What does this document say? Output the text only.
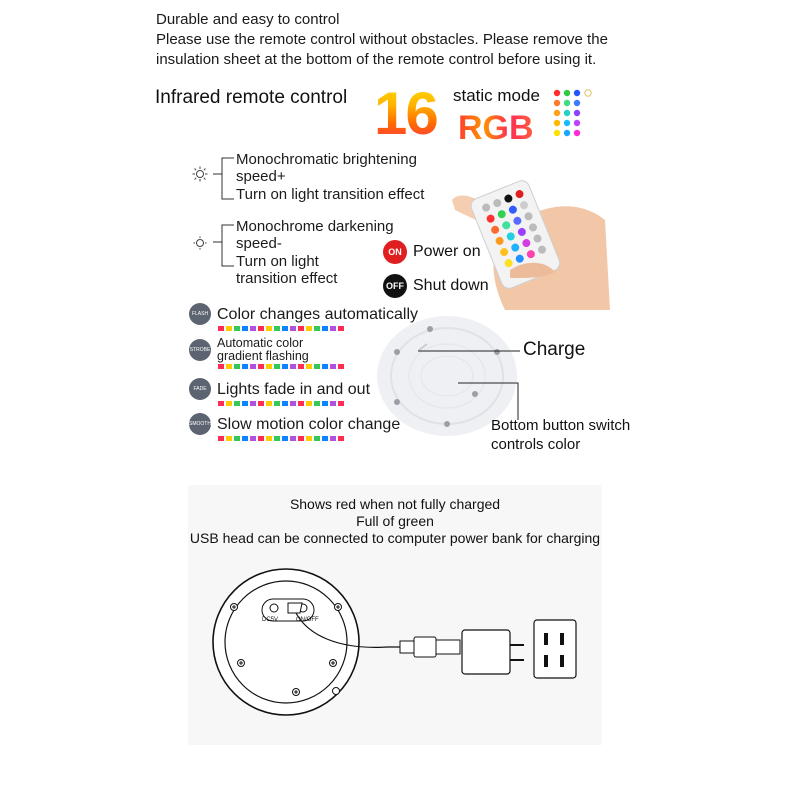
Durable and easy to control
Please use the remote control without obstacles. Please remove the
insulation sheet at the bottom of the remote control before using it.
Infrared remote control 16 static mode
RGB
Monochromatic brightening
speed+
Turn on light transition effect
Monochrome darkening
speed-
Turn on light
transition effect
ON Power on
OFF Shut down
FLASH Color changes automatically
STROBE Automatic color gradient flashing
FADE Lights fade in and out
SMOOTH Slow motion color change
Charge
Bottom button switch
controls color
Shows red when not fully charged
Full of green
USB head can be connected to computer power bank for charging
DC5V	ON/OFF
